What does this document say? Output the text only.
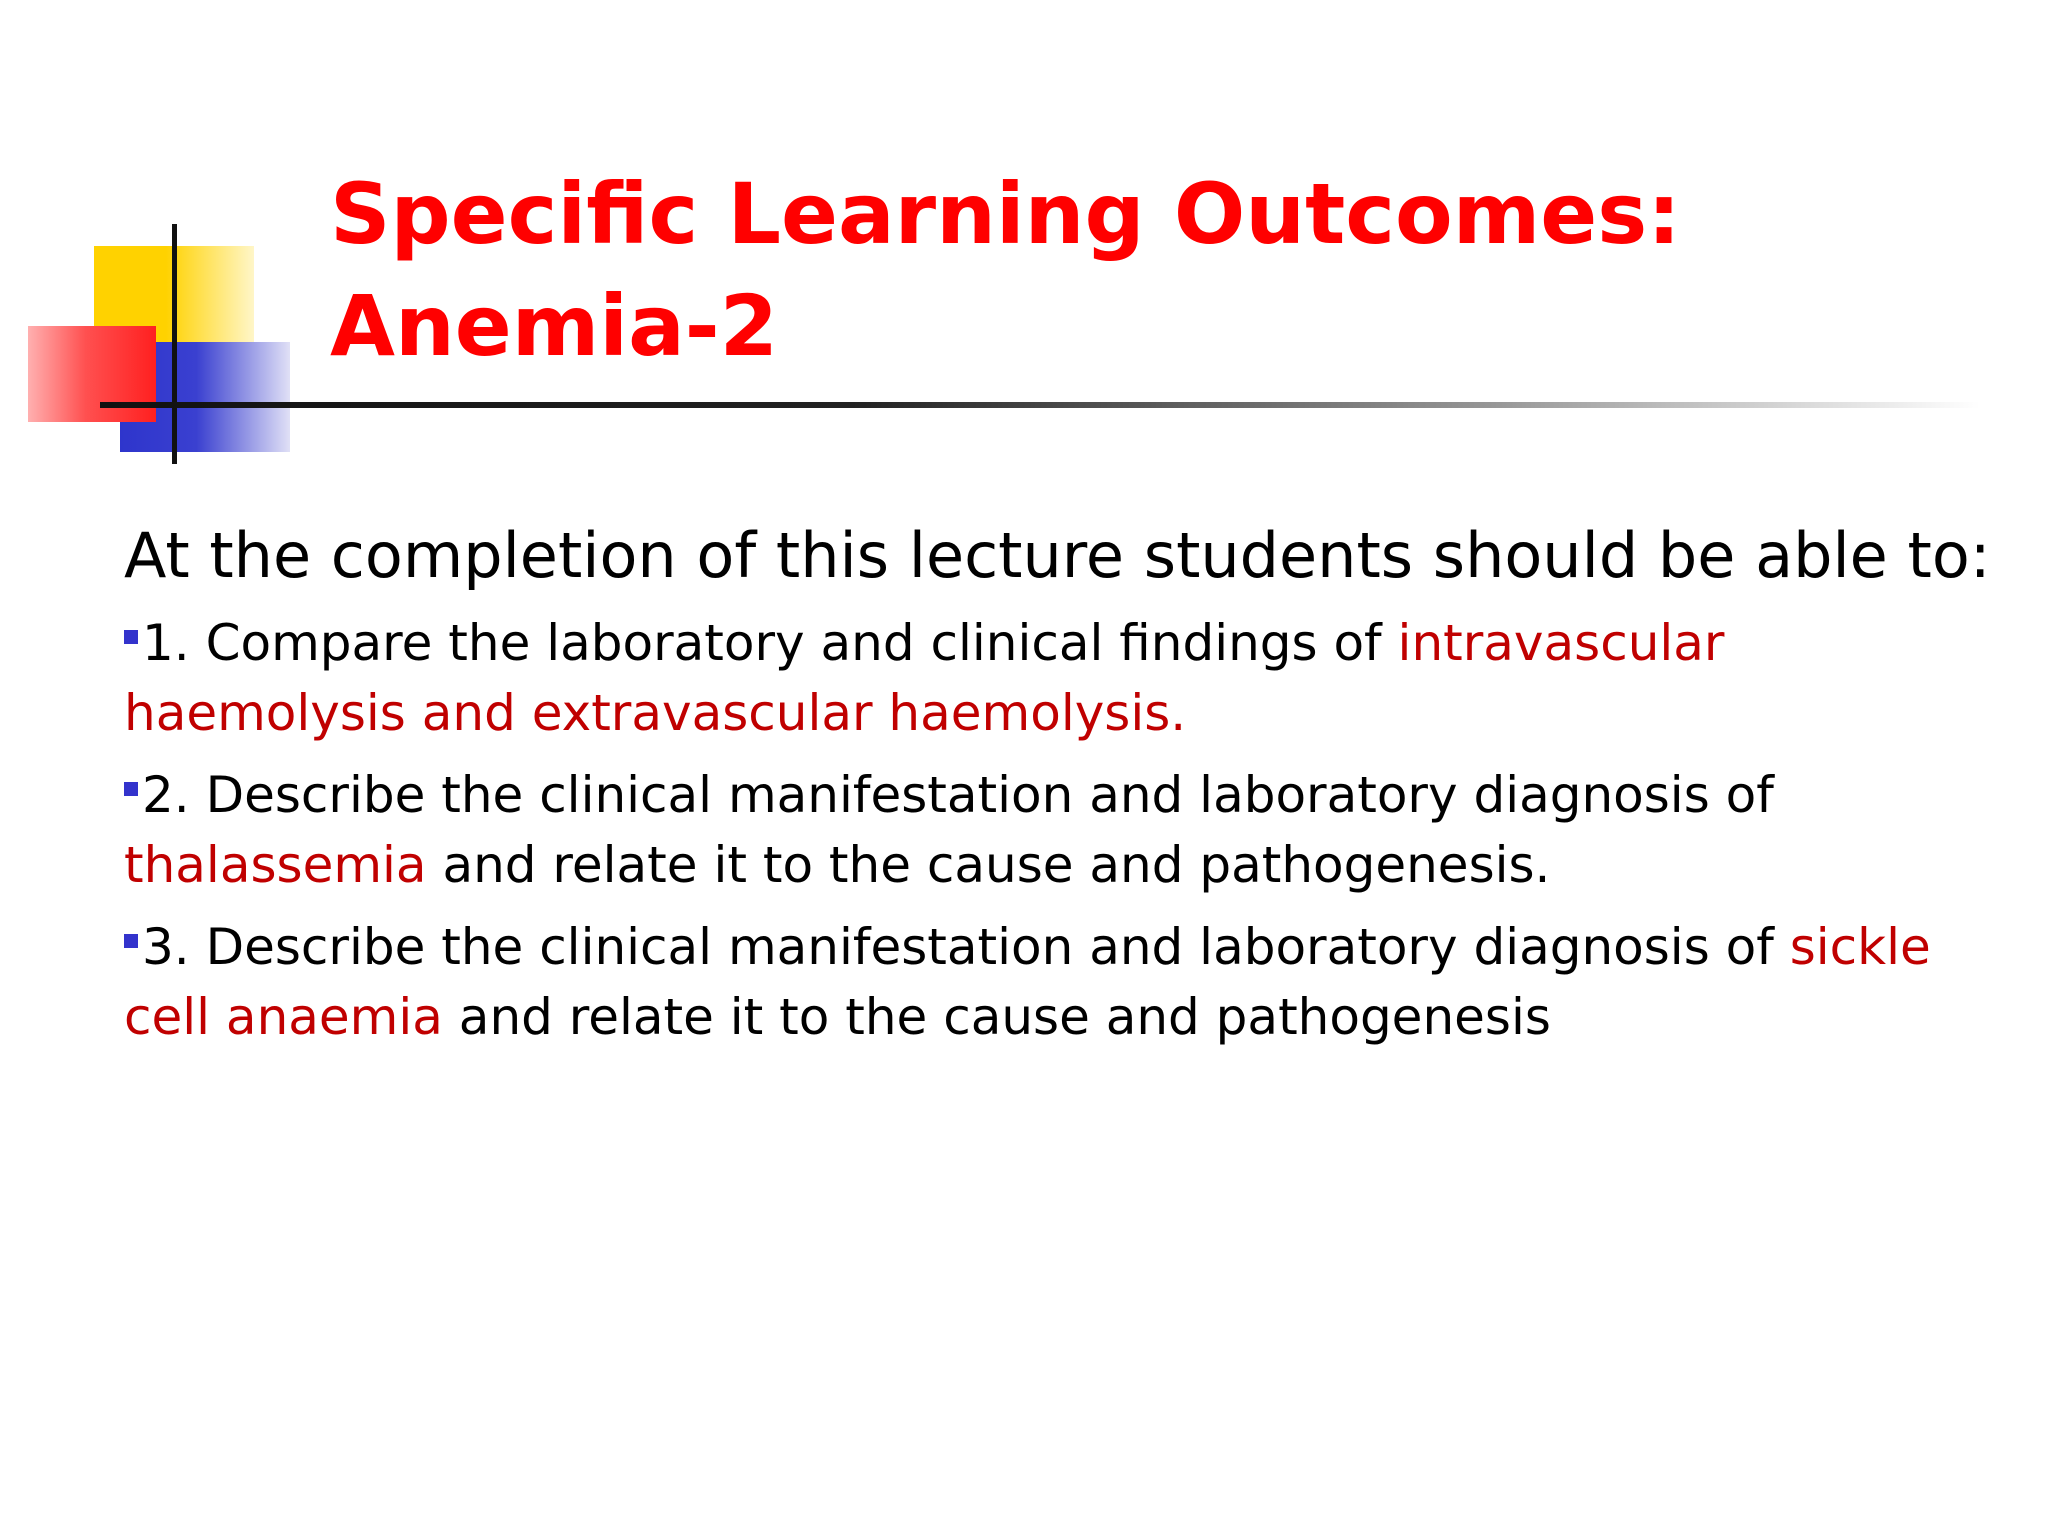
Specific Learning Outcomes:
Anemia-2

At the completion of this lecture students should be able to:

1. Compare the laboratory and clinical findings of intravascular haemolysis and extravascular haemolysis.
2. Describe the clinical manifestation and laboratory diagnosis of thalassemia and relate it to the cause and pathogenesis.
3. Describe the clinical manifestation and laboratory diagnosis of sickle cell anaemia and relate it to the cause and pathogenesis
